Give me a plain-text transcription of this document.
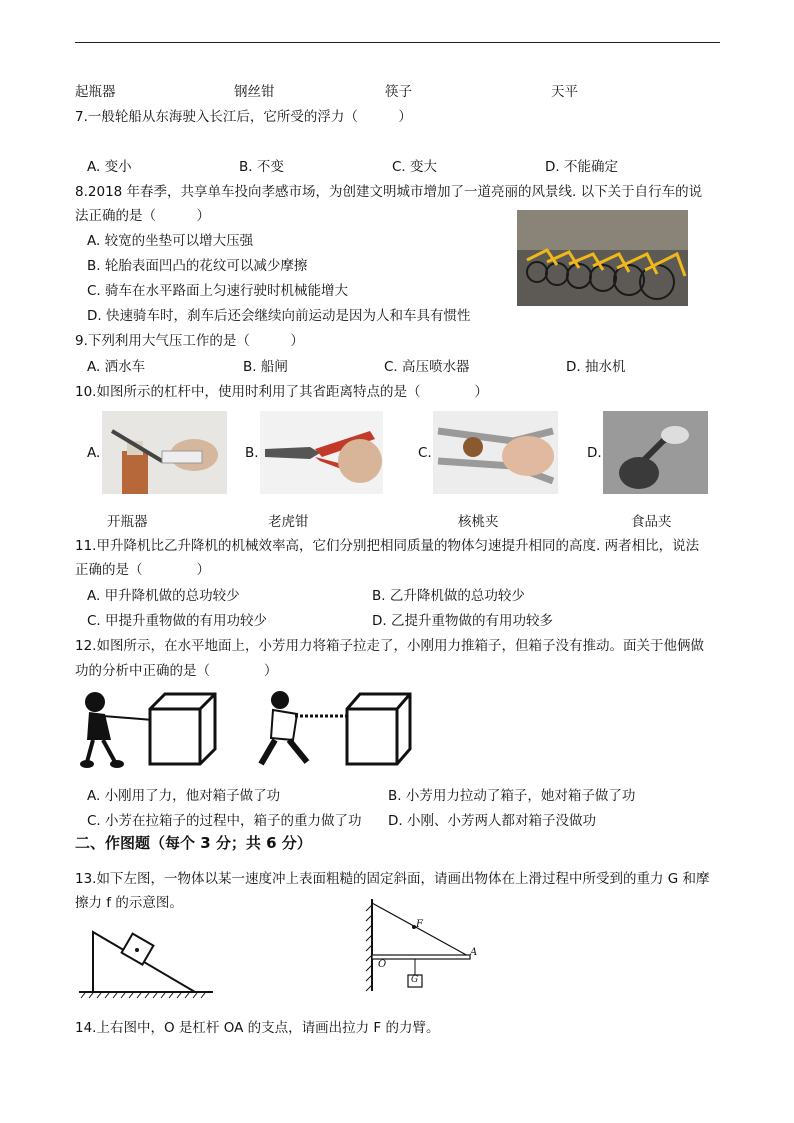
起瓶器	钢丝钳	筷子	天平
7.一般轮船从东海驶入长江后，它所受的浮力（　　　）
A. 变小	B. 不变	C. 变大	D. 不能确定
8.2018 年春季，共享单车投向孝感市场，为创建文明城市增加了一道亮丽的风景线. 以下关于自行车的说
法正确的是（　　　）
A. 较宽的坐垫可以增大压强
B. 轮胎表面凹凸的花纹可以减少摩擦
C. 骑车在水平路面上匀速行驶时机械能增大
D. 快速骑车时，刹车后还会继续向前运动是因为人和车具有惯性
9.下列利用大气压工作的是（　　　）
A. 洒水车	B. 船闸	C. 高压喷水器	D. 抽水机
10.如图所示的杠杆中，使用时利用了其省距离特点的是（　　　　）
A.	B.	C.	D.
开瓶器	老虎钳	核桃夹	食品夹
11.甲升降机比乙升降机的机械效率高，它们分别把相同质量的物体匀速提升相同的高度. 两者相比，说法
正确的是（　　　　）
A. 甲升降机做的总功较少	B. 乙升降机做的总功较少
C. 甲提升重物做的有用功较少	D. 乙提升重物做的有用功较多
12.如图所示，在水平地面上，小芳用力将箱子拉走了，小刚用力推箱子，但箱子没有推动。面关于他俩做
功的分析中正确的是（　　　　）
A. 小刚用了力，他对箱子做了功	B. 小芳用力拉动了箱子，她对箱子做了功
C. 小芳在拉箱子的过程中，箱子的重力做了功 D. 小刚、小芳两人都对箱子没做功
二、作图题（每个 3 分；共 6 分）
13.如下左图，一物体以某一速度冲上表面粗糙的固定斜面，请画出物体在上滑过程中所受到的重力 G 和摩
擦力 f 的示意图。
F
O
A
G
14.上右图中，O 是杠杆 OA 的支点，请画出拉力 F 的力臂。
